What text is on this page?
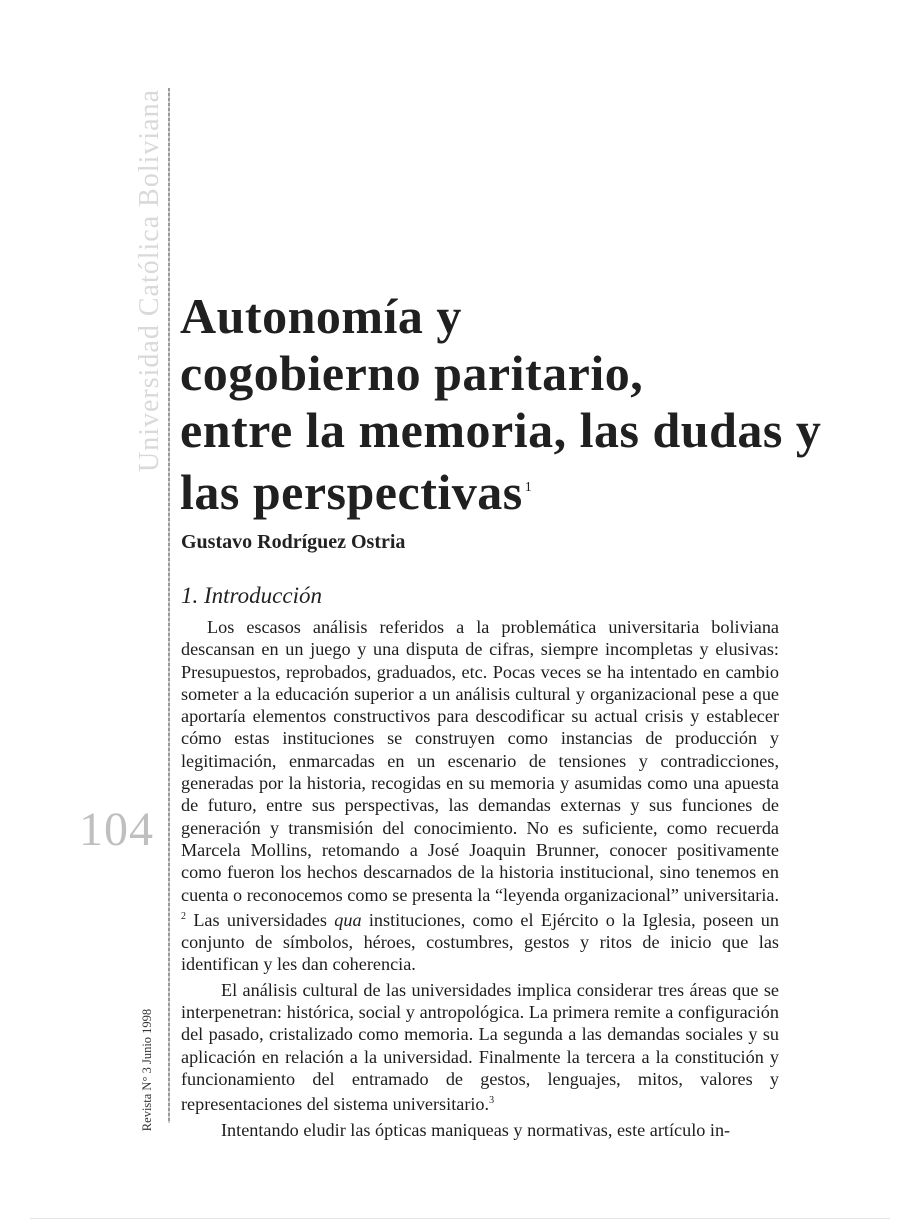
Universidad Católica Boliviana
104
Revista N° 3 Junio 1998
Autonomía y
cogobierno paritario,
entre la memoria, las dudas y
las perspectivas $^1$
Gustavo Rodríguez Ostria
1. Introducción

Los escasos análisis referidos a la problemática universitaria boliviana descansan en un juego y una disputa de cifras, siempre incompletas y elusivas: Presupuestos, reprobados, graduados, etc. Pocas veces se ha intentado en cambio someter a la educación superior a un análisis cultural y organizacional pese a que aportaría elementos constructivos para descodificar su actual crisis y establecer cómo estas instituciones se construyen como instancias de producción y legitimación, enmarcadas en un escenario de tensiones y contradicciones, generadas por la historia, recogidas en su memoria y asumidas como una apuesta de futuro, entre sus perspectivas, las demandas externas y sus funciones de generación y transmisión del conocimiento. No es suficiente, como recuerda Marcela Mollins, retomando a José Joaquin Brunner, conocer positivamente como fueron los hechos descarnados de la historia institucional, sino tenemos en cuenta o reconocemos como se presenta la “leyenda organizacional” universitaria. $^2$ Las universidades qua instituciones, como el Ejército o la Iglesia, poseen un conjunto de símbolos, héroes, costumbres, gestos y ritos de inicio que las identifican y les dan coherencia.

El análisis cultural de las universidades implica considerar tres áreas que se interpenetran: histórica, social y antropológica. La primera remite a configuración del pasado, cristalizado como memoria. La segunda a las demandas sociales y su aplicación en relación a la universidad. Finalmente la tercera a la constitución y funcionamiento del entramado de gestos, lenguajes, mitos, valores y representaciones del sistema universitario.$^3$

Intentando eludir las ópticas maniqueas y normativas, este artículo in-
